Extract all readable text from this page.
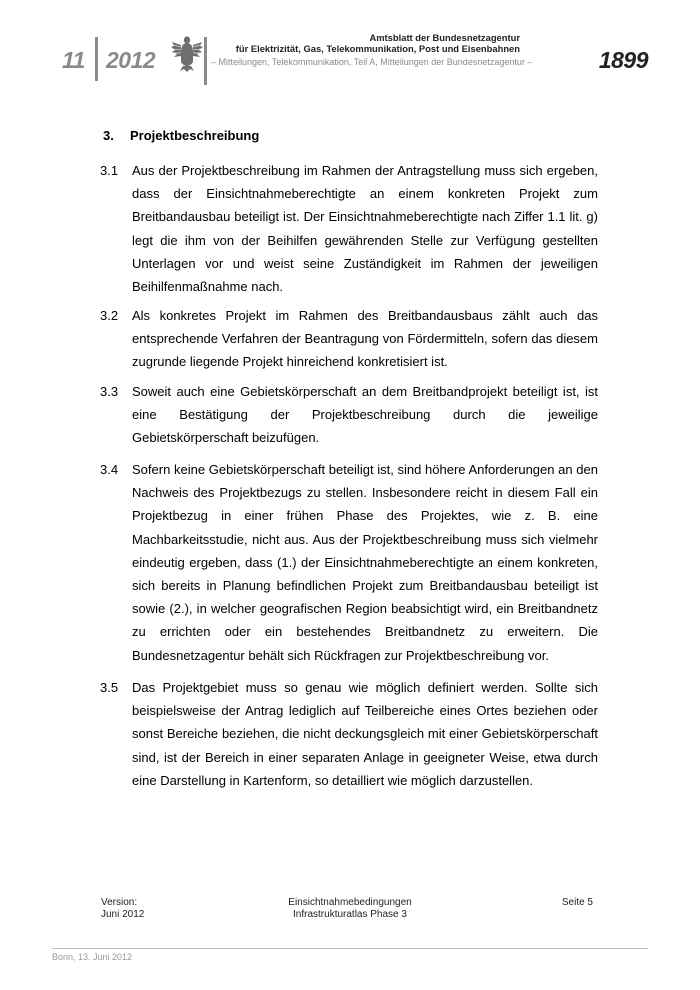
11 2012
Amtsblatt der Bundesnetzagentur
für Elektrizität, Gas, Telekommunikation, Post und Eisenbahnen
– Mitteilungen, Telekommunikation, Teil A, Mitteilungen der Bundesnetzagentur –	1899
3. Projektbeschreibung
3.1	Aus der Projektbeschreibung im Rahmen der Antragstellung muss sich ergeben, dass der Einsichtnahmeberechtigte an einem konkreten Projekt zum Breitbandausbau beteiligt ist. Der Einsichtnahmeberechtigte nach Ziffer 1.1 lit. g) legt die ihm von der Beihilfen gewährenden Stelle zur Verfügung gestellten Unterlagen vor und weist seine Zuständigkeit im Rahmen der jeweiligen Beihilfenmaßnahme nach.
3.2	Als konkretes Projekt im Rahmen des Breitbandausbaus zählt auch das entsprechende Verfahren der Beantragung von Fördermitteln, sofern das diesem zugrunde liegende Projekt hinreichend konkretisiert ist.
3.3	Soweit auch eine Gebietskörperschaft an dem Breitbandprojekt beteiligt ist, ist eine Bestätigung der Projektbeschreibung durch die jeweilige Gebietskörperschaft beizufügen.
3.4	Sofern keine Gebietskörperschaft beteiligt ist, sind höhere Anforderungen an den Nachweis des Projektbezugs zu stellen. Insbesondere reicht in diesem Fall ein Projektbezug in einer frühen Phase des Projektes, wie z. B. eine Machbarkeitsstudie, nicht aus. Aus der Projektbeschreibung muss sich vielmehr eindeutig ergeben, dass (1.) der Einsichtnahmeberechtigte an einem konkreten, sich bereits in Planung befindlichen Projekt zum Breitbandausbau beteiligt ist sowie (2.), in welcher geografischen Region beabsichtigt wird, ein Breitbandnetz zu errichten oder ein bestehendes Breitbandnetz zu erweitern. Die Bundesnetzagentur behält sich Rückfragen zur Projektbeschreibung vor.
3.5	Das Projektgebiet muss so genau wie möglich definiert werden. Sollte sich beispielsweise der Antrag lediglich auf Teilbereiche eines Ortes beziehen oder sonst Bereiche beziehen, die nicht deckungsgleich mit einer Gebietskörperschaft sind, ist der Bereich in einer separaten Anlage in geeigneter Weise, etwa durch eine Darstellung in Kartenform, so detailliert wie möglich darzustellen.
Version:
Juni 2012
Einsichtnahmebedingungen
Infrastrukturatlas Phase 3
Seite 5
Bonn, 13. Juni 2012
